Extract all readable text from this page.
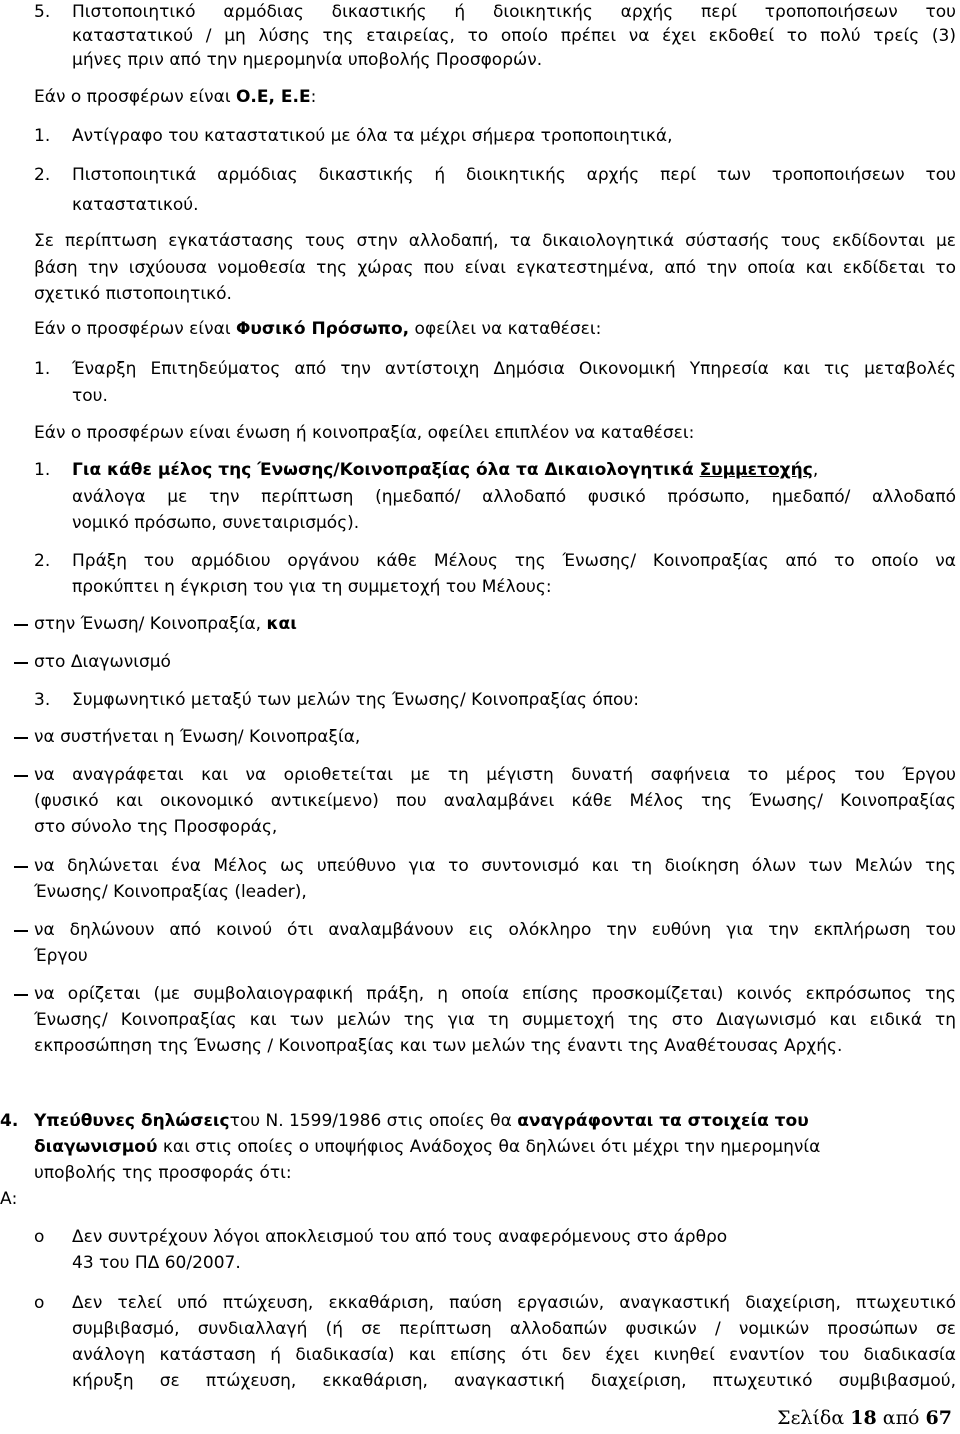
5. Πιστοποιητικό αρμόδιας δικαστικής ή διοικητικής αρχής περί τροποποιήσεων του
καταστατικού / μη λύσης της εταιρείας, το οποίο πρέπει να έχει εκδοθεί το πολύ τρείς (3)
μήνες πριν από την ημερομηνία υποβολής Προσφορών.
Εάν ο προσφέρων είναι Ο.Ε, Ε.Ε:
1. Αντίγραφο του καταστατικού με όλα τα μέχρι σήμερα τροποποιητικά,
2. Πιστοποιητικά αρμόδιας δικαστικής ή διοικητικής αρχής περί των τροποποιήσεων του
καταστατικού.
Σε περίπτωση εγκατάστασης τους στην αλλοδαπή, τα δικαιολογητικά σύστασής τους εκδίδονται με
βάση την ισχύουσα νομοθεσία της χώρας που είναι εγκατεστημένα, από την οποία και εκδίδεται το
σχετικό πιστοποιητικό.
Εάν ο προσφέρων είναι Φυσικό Πρόσωπο, οφείλει να καταθέσει:
1. Έναρξη Επιτηδεύματος από την αντίστοιχη Δημόσια Οικονομική Υπηρεσία και τις μεταβολές
του.
Εάν ο προσφέρων είναι ένωση ή κοινοπραξία, οφείλει επιπλέον να καταθέσει:
1. Για κάθε μέλος της Ένωσης/Κοινοπραξίας όλα τα Δικαιολογητικά Συμμετοχής,
ανάλογα με την περίπτωση (ημεδαπό/ αλλοδαπό φυσικό πρόσωπο, ημεδαπό/ αλλοδαπό
νομικό πρόσωπο, συνεταιρισμός).
2. Πράξη του αρμόδιου οργάνου κάθε Μέλους της Ένωσης/ Κοινοπραξίας από το οποίο να
προκύπτει η έγκριση του για τη συμμετοχή του Μέλους:
στην Ένωση/ Κοινοπραξία, και
στο Διαγωνισμό
3. Συμφωνητικό μεταξύ των μελών της Ένωσης/ Κοινοπραξίας όπου:
να συστήνεται η Ένωση/ Κοινοπραξία,
να αναγράφεται και να οριοθετείται με τη μέγιστη δυνατή σαφήνεια το μέρος του Έργου
(φυσικό και οικονομικό αντικείμενο) που αναλαμβάνει κάθε Μέλος της Ένωσης/ Κοινοπραξίας
στο σύνολο της Προσφοράς,
να δηλώνεται ένα Μέλος ως υπεύθυνο για το συντονισμό και τη διοίκηση όλων των Μελών της
Ένωσης/ Κοινοπραξίας (leader),
να δηλώνουν από κοινού ότι αναλαμβάνουν εις ολόκληρο την ευθύνη για την εκπλήρωση του
Έργου
να ορίζεται (με συμβολαιογραφική πράξη, η οποία επίσης προσκομίζεται) κοινός εκπρόσωπος της
Ένωσης/ Κοινοπραξίας και των μελών της για τη συμμετοχή της στο Διαγωνισμό και ειδικά τη
εκπροσώπηση της Ένωσης / Κοινοπραξίας και των μελών της έναντι της Αναθέτουσας Αρχής.
4. Υπεύθυνες δηλώσειςτου Ν. 1599/1986 στις οποίες θα αναγράφονται τα στοιχεία του
διαγωνισμού και στις οποίες ο υποψήφιος Ανάδοχος θα δηλώνει ότι μέχρι την ημερομηνία
υποβολής της προσφοράς ότι:
Α:
o Δεν συντρέχουν λόγοι αποκλεισμού του από τους αναφερόμενους στο άρθρο
43 του ΠΔ 60/2007.
o Δεν τελεί υπό πτώχευση, εκκαθάριση, παύση εργασιών, αναγκαστική διαχείριση, πτωχευτικό
συμβιβασμό, συνδιαλλαγή (ή σε περίπτωση αλλοδαπών φυσικών / νομικών προσώπων σε
ανάλογη κατάσταση ή διαδικασία) και επίσης ότι δεν έχει κινηθεί εναντίον του διαδικασία
κήρυξη σε πτώχευση, εκκαθάριση, αναγκαστική διαχείριση, πτωχευτικό συμβιβασμού,
Σελίδα 18 από 67
